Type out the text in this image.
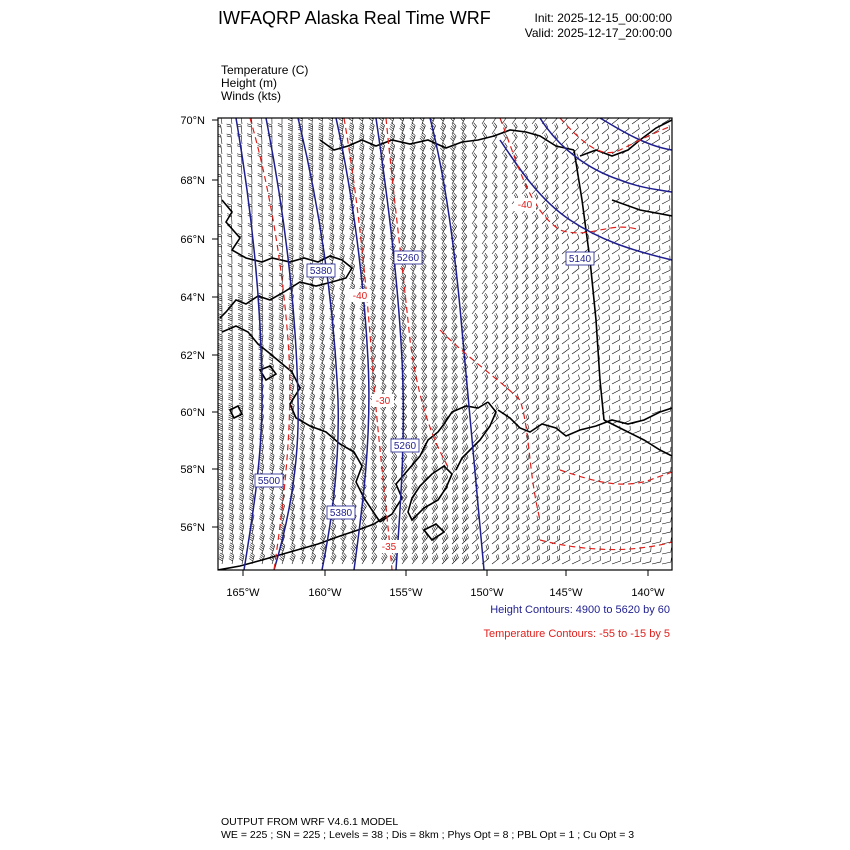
IWFAQRP Alaska Real Time WRF	Init: 2025-12-15_00:00:00
Valid: 2025-12-17_20:00:00
Temperature (C)
Height (m)
Winds (kts)
5380
5260	5140
5500
5380
5260
-40
-30
-40
-35
70°N
68°N
66°N
64°N
62°N
60°N
58°N
56°N
165°W	160°W	155°W	150°W	145°W	140°W
Height Contours: 4900 to 5620 by 60
Temperature Contours: -55 to -15 by 5
OUTPUT FROM WRF V4.6.1 MODEL
WE = 225 ; SN = 225 ; Levels = 38 ; Dis = 8km ; Phys Opt = 8 ; PBL Opt = 1 ; Cu Opt = 3
